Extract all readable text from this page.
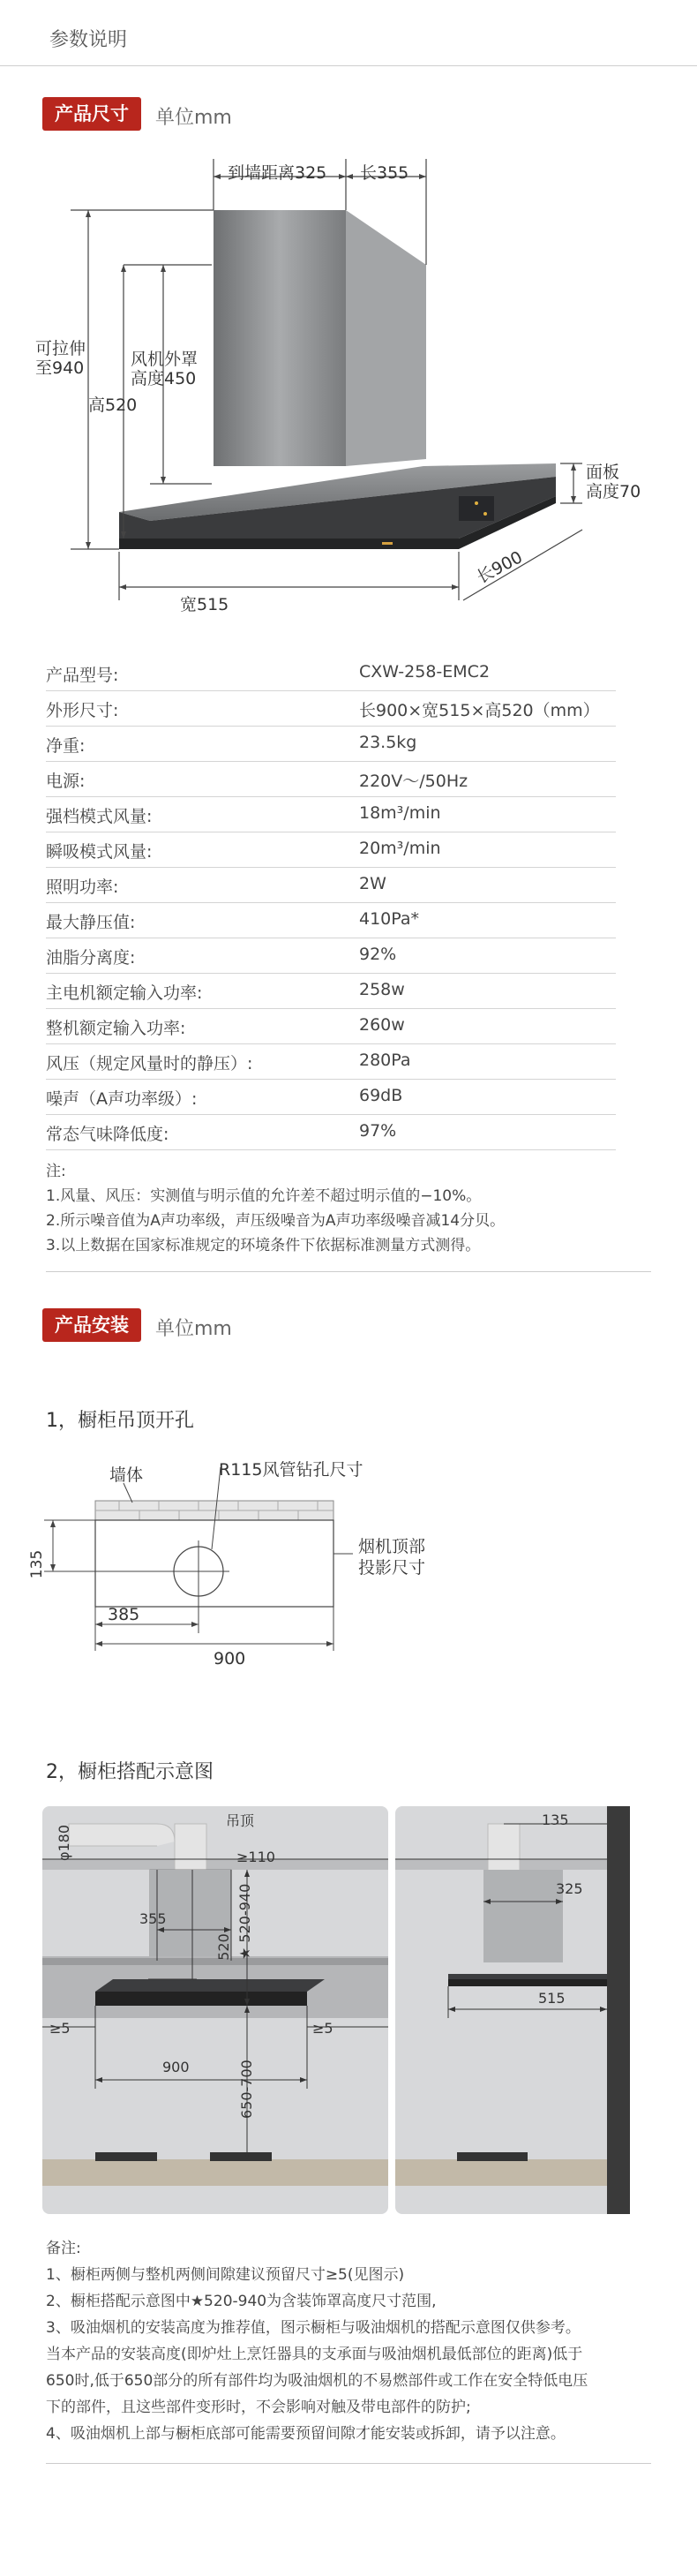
参数说明
产品尺寸	单位mm
到墙距离325 长355
可拉伸
至940
高520
风机外罩
高度450
面板
高度70
宽515
长900
产品型号:	CXW-258-EMC2
外形尺寸:	长900×宽515×高520（mm）
净重:	23.5kg
电源:	220V～/50Hz
强档模式风量:	18m³/min
瞬吸模式风量:	20m³/min
照明功率:	2W
最大静压值:	410Pa*
油脂分离度:	92%
主电机额定输入功率:	258w
整机额定输入功率:	260w
风压（规定风量时的静压）:	280Pa
噪声（A声功率级）:	69dB
常态气味降低度:	97%
注:
1.风量、风压：实测值与明示值的允许差不超过明示值的−10%。
2.所示噪音值为A声功率级，声压级噪音为A声功率级噪音减14分贝。
3.以上数据在国家标准规定的环境条件下依据标准测量方式测得。
产品安装	单位mm
1，橱柜吊顶开孔
墙体	R115风管钻孔尺寸
烟机顶部
投影尺寸
135
385
900
2，橱柜搭配示意图
吊顶
φ180	≥110
355
520 ★ 520-940
≥5	≥5
900	650-700
135
325
515
备注:
1、橱柜两侧与整机两侧间隙建议预留尺寸≥5(见图示)
2、橱柜搭配示意图中★520-940为含装饰罩高度尺寸范围,
3、吸油烟机的安装高度为推荐值，图示橱柜与吸油烟机的搭配示意图仅供参考。
当本产品的安装高度(即炉灶上烹饪器具的支承面与吸油烟机最低部位的距离)低于
650时,低于650部分的所有部件均为吸油烟机的不易燃部件或工作在安全特低电压
下的部件，且这些部件变形时，不会影响对触及带电部件的防护;
4、吸油烟机上部与橱柜底部可能需要预留间隙才能安装或拆卸，请予以注意。
